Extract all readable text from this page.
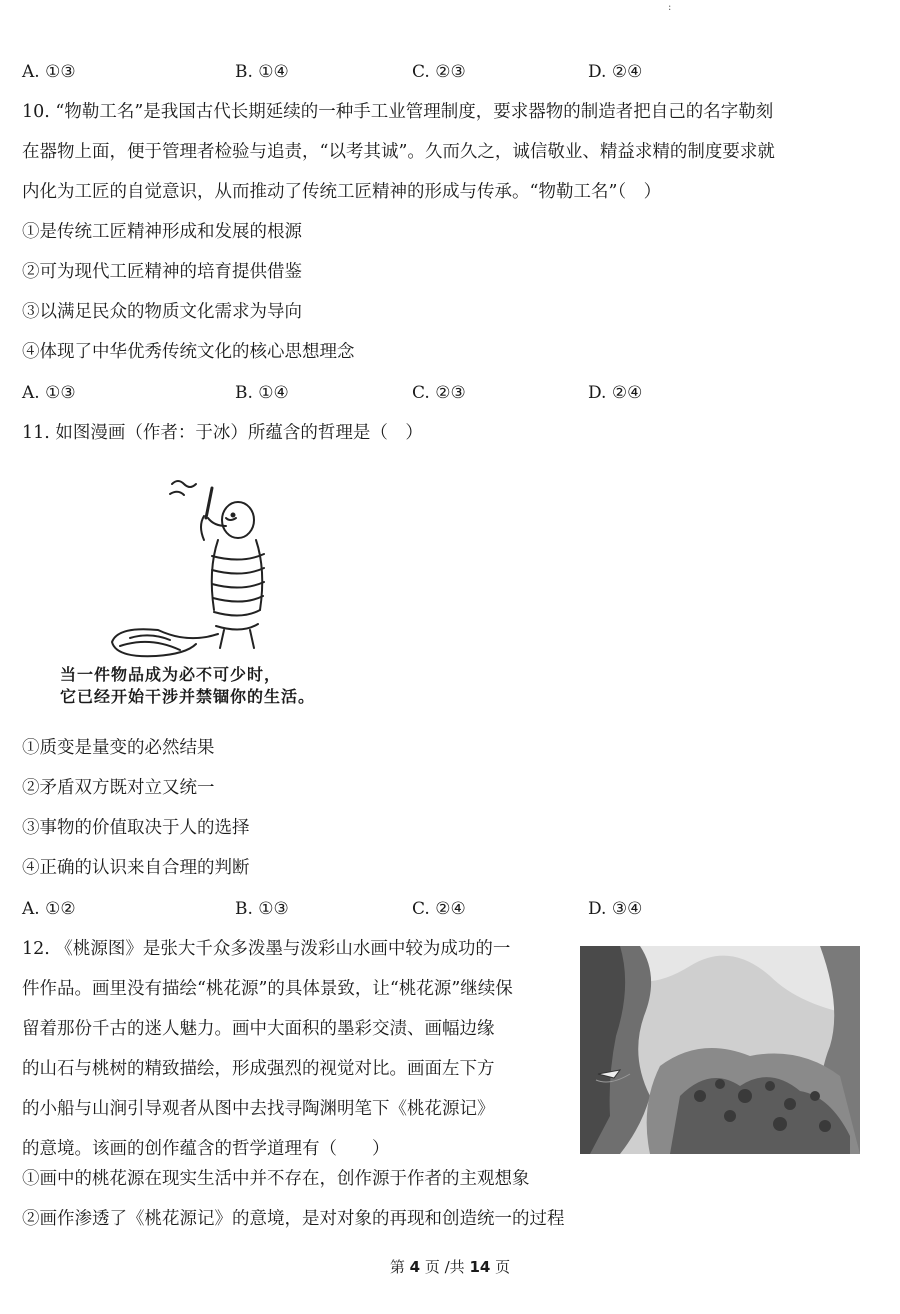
:
A. ①③	B. ①④	C. ②③	D. ②④
10. “物勒工名”是我国古代长期延续的一种手工业管理制度，要求器物的制造者把自己的名字勒刻
在器物上面，便于管理者检验与追责，“以考其诚”。久而久之，诚信敬业、精益求精的制度要求就
内化为工匠的自觉意识，从而推动了传统工匠精神的形成与传承。“物勒工名”（　）
①是传统工匠精神形成和发展的根源
②可为现代工匠精神的培育提供借鉴
③以满足民众的物质文化需求为导向
④体现了中华优秀传统文化的核心思想理念
A. ①③	B. ①④	C. ②③	D. ②④
11. 如图漫画（作者：于冰）所蕴含的哲理是（　）
当一件物品成为必不可少时，
它已经开始干涉并禁锢你的生活。
①质变是量变的必然结果
②矛盾双方既对立又统一
③事物的价值取决于人的选择
④正确的认识来自合理的判断
A. ①②	B. ①③	C. ②④	D. ③④
12. 《桃源图》是张大千众多泼墨与泼彩山水画中较为成功的一
件作品。画里没有描绘“桃花源”的具体景致，让“桃花源”继续保
留着那份千古的迷人魅力。画中大面积的墨彩交渍、画幅边缘
的山石与桃树的精致描绘，形成强烈的视觉对比。画面左下方
的小船与山涧引导观者从图中去找寻陶渊明笔下《桃花源记》
的意境。该画的创作蕴含的哲学道理有（　　）
①画中的桃花源在现实生活中并不存在，创作源于作者的主观想象
②画作渗透了《桃花源记》的意境，是对对象的再现和创造统一的过程
第 4 页 /共 14 页
